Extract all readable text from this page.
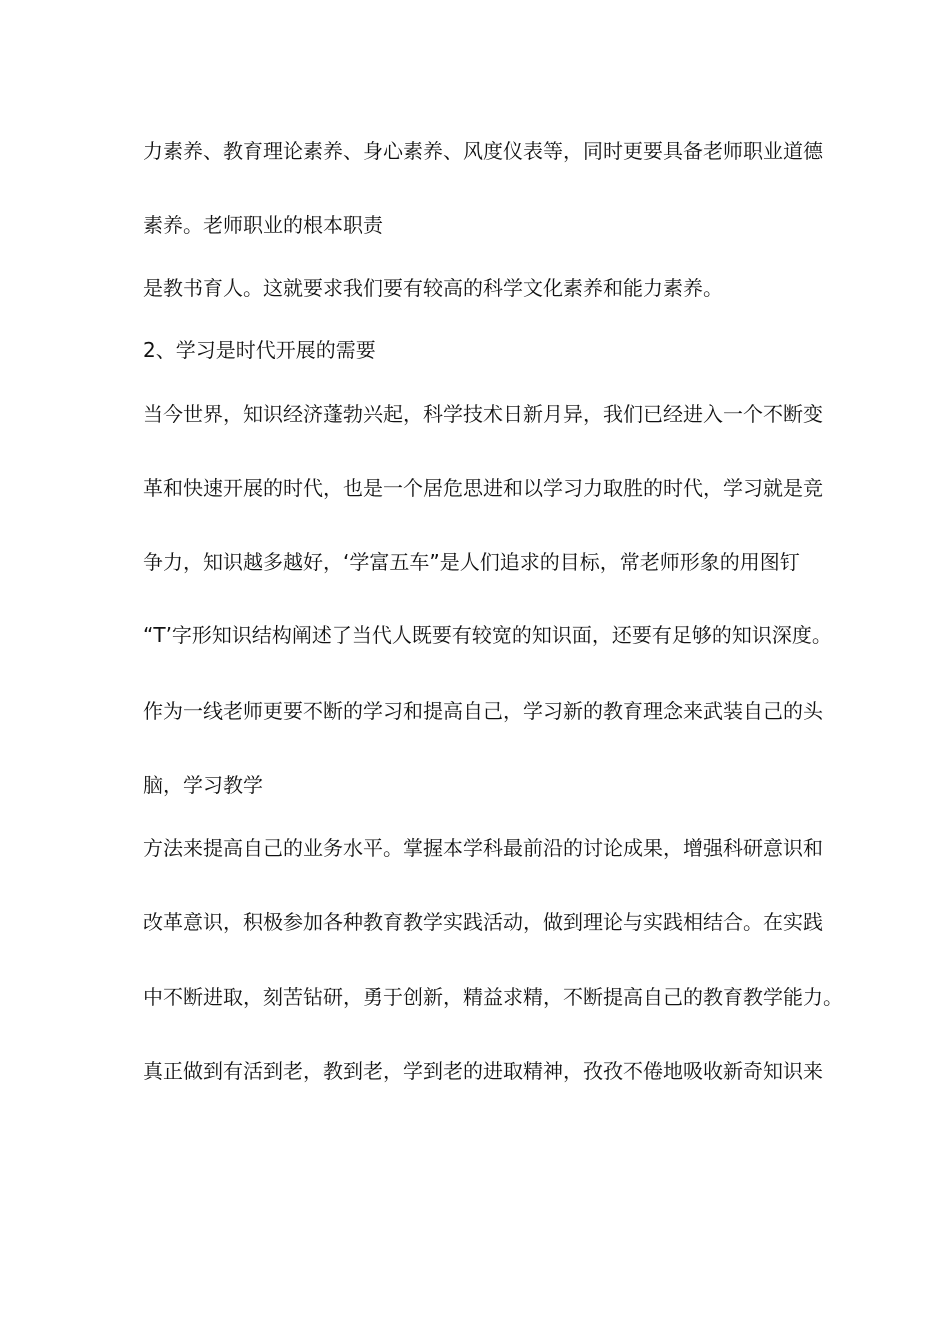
力素养、教育理论素养、身心素养、风度仪表等，同时更要具备老师职业道德
素养。老师职业的根本职责
是教书育人。这就要求我们要有较高的科学文化素养和能力素养。
2、学习是时代开展的需要
当今世界，知识经济蓬勃兴起，科学技术日新月异，我们已经进入一个不断变
革和快速开展的时代，也是一个居危思进和以学习力取胜的时代，学习就是竞
争力，知识越多越好，‘学富五车”是人们追求的目标，常老师形象的用图钉
“T’字形知识结构阐述了当代人既要有较宽的知识面，还要有足够的知识深度。
作为一线老师更要不断的学习和提高自己，学习新的教育理念来武装自己的头
脑，学习教学
方法来提高自己的业务水平。掌握本学科最前沿的讨论成果，增强科研意识和
改革意识，积极参加各种教育教学实践活动，做到理论与实践相结合。在实践
中不断进取，刻苦钻研，勇于创新，精益求精，不断提高自己的教育教学能力。
真正做到有活到老，教到老，学到老的进取精神，孜孜不倦地吸收新奇知识来
